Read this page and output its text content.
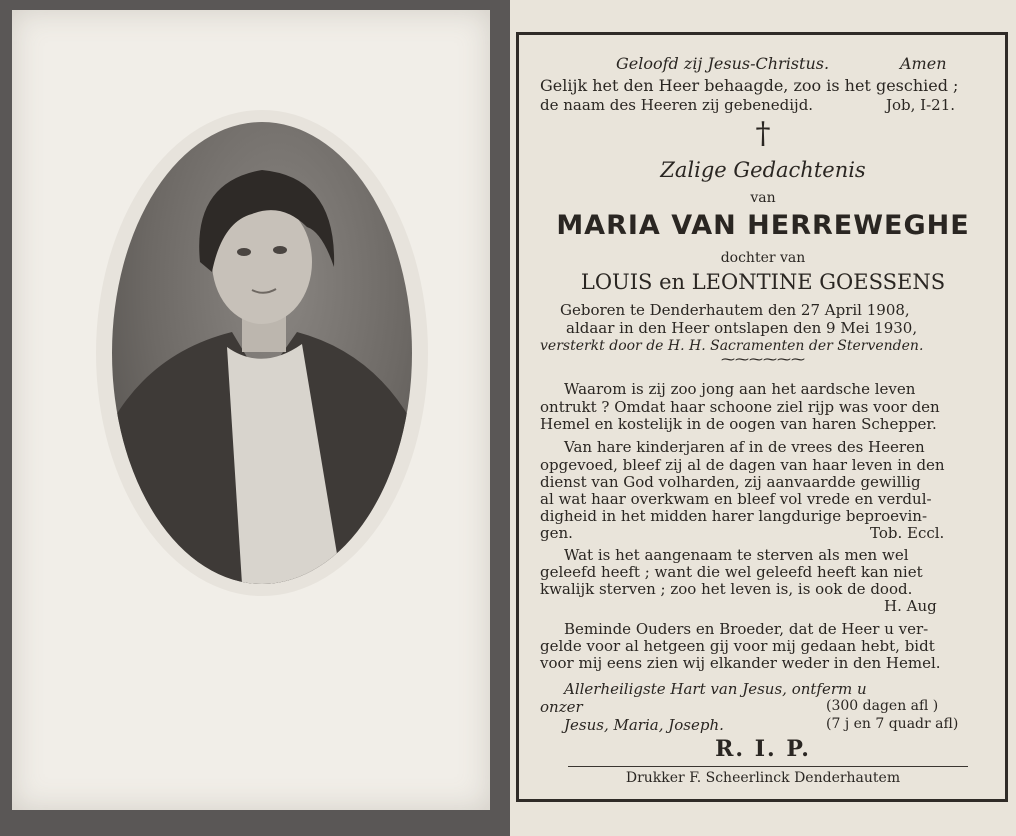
Geloofd zij Jesus-Christus.	Amen
Gelijk het den Heer behaagde, zoo is het geschied ;
de naam des Heeren zij gebenedijd.	Job, I-21.
†
Zalige Gedachtenis
van
MARIA VAN HERREWEGHE
dochter van
LOUIS en LEONTINE GOESSENS
Geboren te Denderhautem den 27 April 1908,
aldaar in den Heer ontslapen den 9 Mei 1930,
versterkt door de H. H. Sacramenten der Stervenden.
⁓⁓⁓⁓⁓⁓
Waarom is zij zoo jong aan het aardsche leven
ontrukt ? Omdat haar schoone ziel rijp was voor den
Hemel en kostelijk in de oogen van haren Schepper.
Van hare kinderjaren af in de vrees des Heeren
opgevoed, bleef zij al de dagen van haar leven in den
dienst van God volharden, zij aanvaardde gewillig
al wat haar overkwam en bleef vol vrede en verdul-
digheid in het midden harer langdurige beproevin-
gen.	Tob. Eccl.
Wat is het aangenaam te sterven als men wel
geleefd heeft ; want die wel geleefd heeft kan niet
kwalijk sterven ; zoo het leven is, is ook de dood.
H. Aug
Beminde Ouders en Broeder, dat de Heer u ver-
gelde voor al hetgeen gij voor mij gedaan hebt, bidt
voor mij eens zien wij elkander weder in den Hemel.
Allerheiligste Hart van Jesus, ontferm u
onzer	(300 dagen afl )
Jesus, Maria, Joseph.	(7 j en 7 quadr afl)
R. I. P.
Drukker F. Scheerlinck Denderhautem
